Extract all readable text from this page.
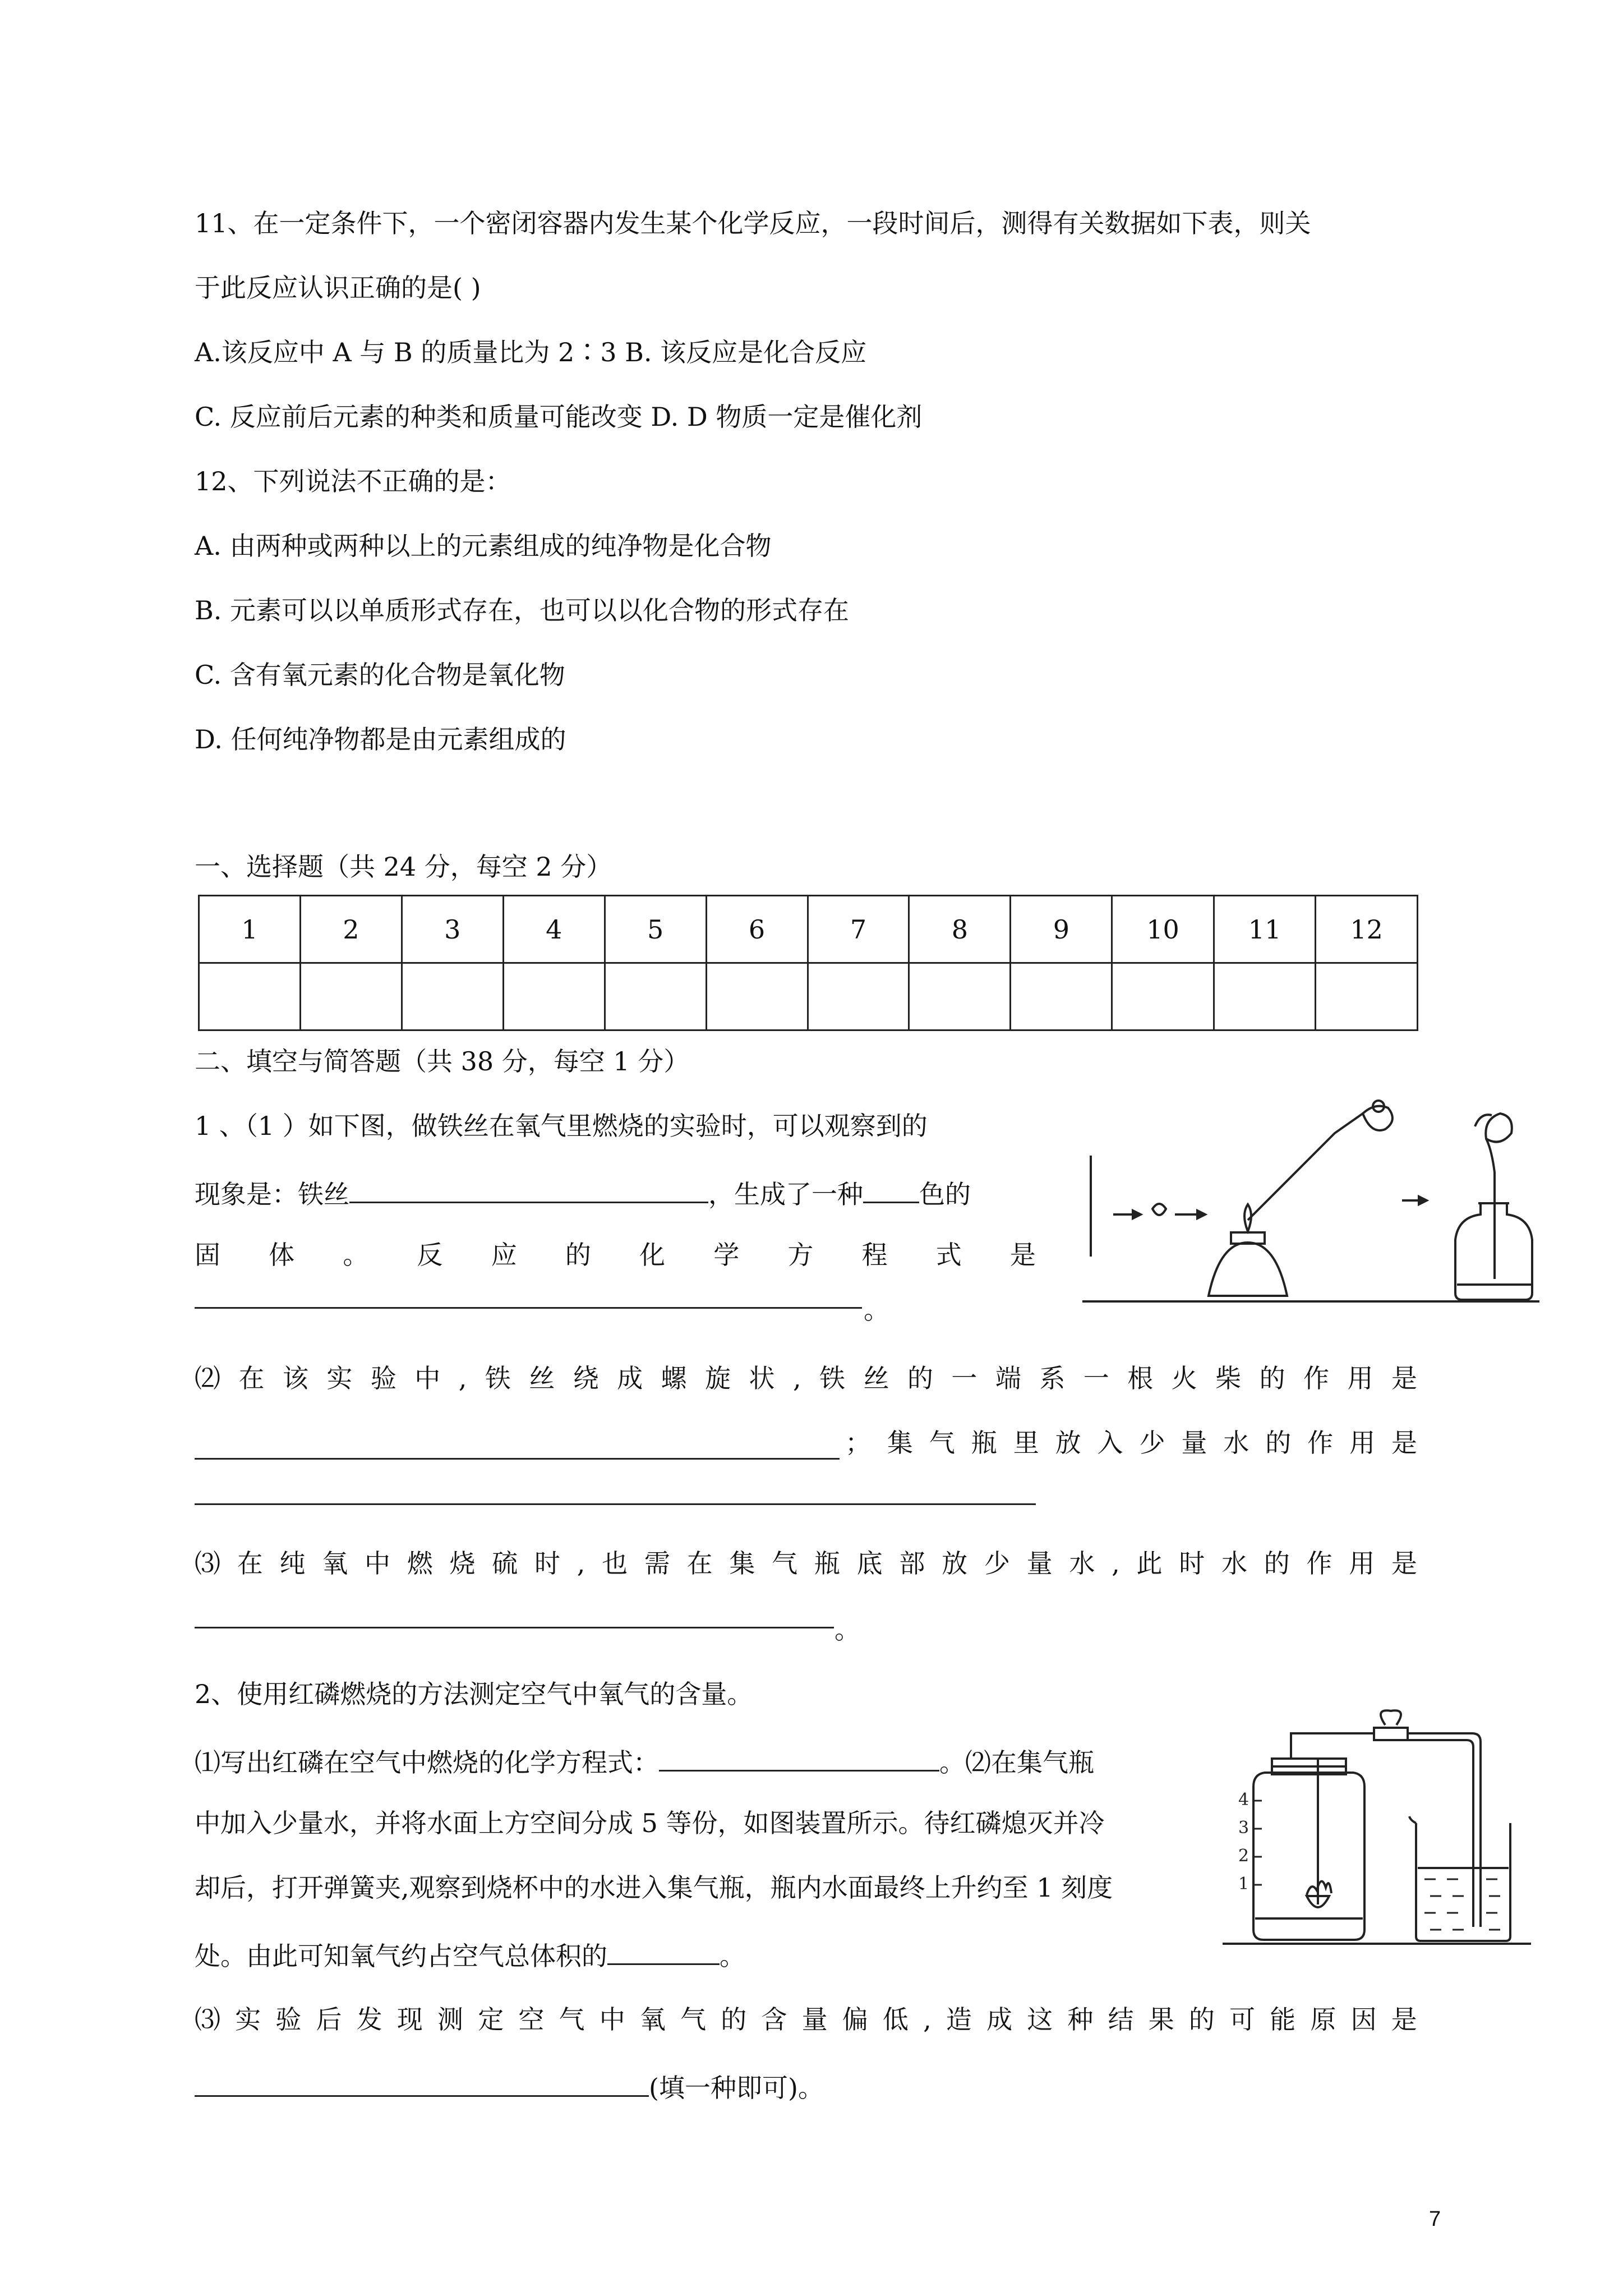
11、在一定条件下，一个密闭容器内发生某个化学反应，一段时间后，测得有关数据如下表，则关
于此反应认识正确的是( )
A.该反应中 A 与 B 的质量比为 2∶3 B. 该反应是化合反应
C. 反应前后元素的种类和质量可能改变 D. D 物质一定是催化剂
12、下列说法不正确的是：
A. 由两种或两种以上的元素组成的纯净物是化合物
B. 元素可以以单质形式存在，也可以以化合物的形式存在
C. 含有氧元素的化合物是氧化物
D. 任何纯净物都是由元素组成的
一、选择题（共 24 分，每空 2 分）
1	2	3	4	5	6	7	8	9	10	11	12

二、填空与简答题（共 38 分，每空 1 分）
1 、（1 ）如下图，做铁丝在氧气里燃烧的实验时，可以观察到的
现象是：铁丝	，生成了一种 色的
固 体 。 反 应 的 化 学 方 程 式 是
。
⑵ 在 该 实 验 中 , 铁 丝 绕 成 螺 旋 状 , 铁 丝 的 一 端 系 一 根 火 柴 的 作 用 是
； 集 气 瓶 里 放 入 少 量 水 的 作 用 是
⑶ 在 纯 氧 中 燃 烧 硫 时 , 也 需 在 集 气 瓶 底 部 放 少 量 水 , 此 时 水 的 作 用 是
。
2、使用红磷燃烧的方法测定空气中氧气的含量。
⑴写出红磷在空气中燃烧的化学方程式：	。⑵在集气瓶
中加入少量水，并将水面上方空间分成 5 等份，如图装置所示。待红磷熄灭并冷
却后，打开弹簧夹,观察到烧杯中的水进入集气瓶，瓶内水面最终上升约至 1 刻度
处。由此可知氧气约占空气总体积的	。
⑶ 实 验 后 发 现 测 定 空 气 中 氧 气 的 含 量 偏 低 , 造 成 这 种 结 果 的 可 能 原 因 是
(填一种即可)。
4
3
2
1
7
